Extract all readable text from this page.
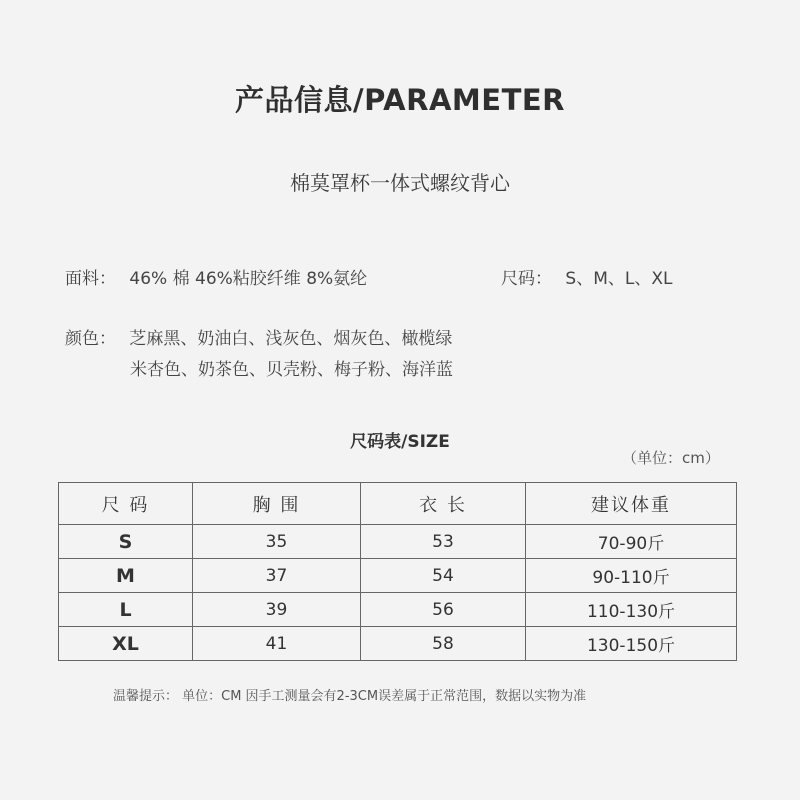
产品信息/PARAMETER
棉莫罩杯一体式螺纹背心
面料： 46% 棉 46%粘胶纤维 8%氨纶	尺码： S、M、L、XL
颜色： 芝麻黑、奶油白、浅灰色、烟灰色、橄榄绿
米杏色、奶茶色、贝壳粉、梅子粉、海洋蓝
尺码表/SIZE
（单位：cm）
尺 码	胸 围	衣 长	建议体重
S	35	53	70-90斤
M	37	54	90-110斤
L	39	56	110-130斤
XL	41	58	130-150斤
温馨提示： 单位：CM 因手工测量会有2-3CM误差属于正常范围，数据以实物为准
